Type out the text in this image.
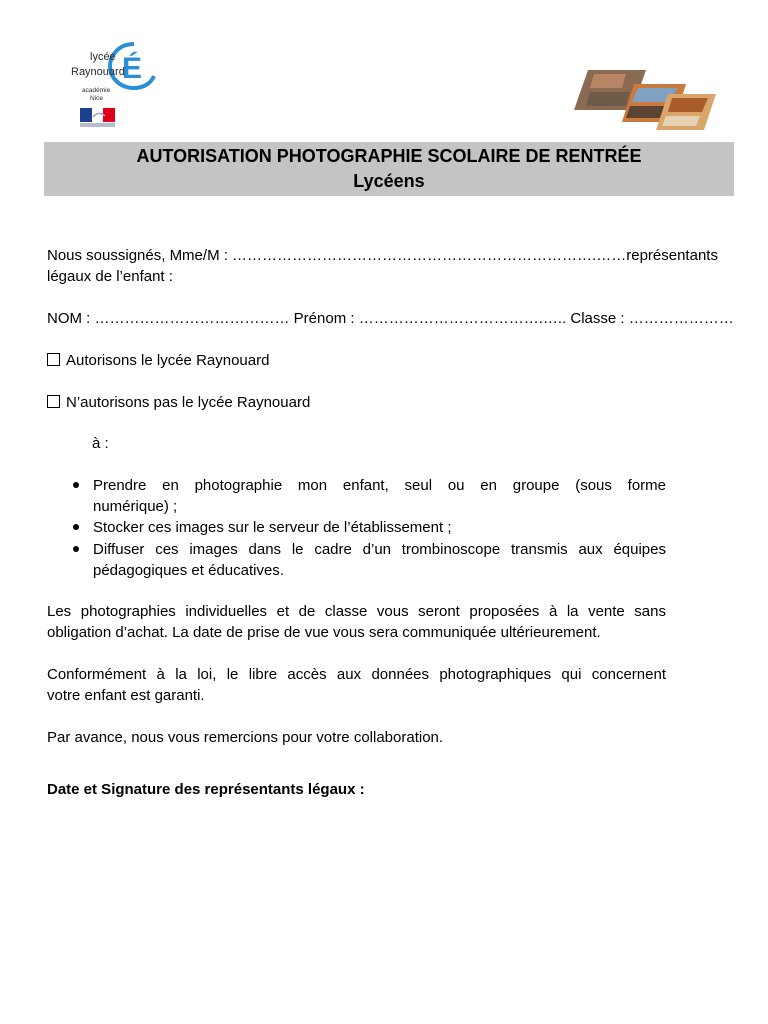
É
lycée
Raynouard
académie
Nice
AUTORISATION PHOTOGRAPHIE SCOLAIRE DE RENTRÉE
Lycéens
Nous soussignés, Mme/M : ……………………………………………………………….……représentants
légaux de l’enfant :
NOM : ………………………………… Prénom : ……………………………….….. Classe : …………………
Autorisons le lycée Raynouard
N’autorisons pas le lycée Raynouard
à :
Prendre en photographie mon enfant, seul ou en groupe (sous forme
numérique) ;
Stocker ces images sur le serveur de l’établissement ;
Diffuser ces images dans le cadre d’un trombinoscope transmis aux équipes
pédagogiques et éducatives.
Les photographies individuelles et de classe vous seront proposées à la vente sans
obligation d’achat. La date de prise de vue vous sera communiquée ultérieurement.
Conformément à la loi, le libre accès aux données photographiques qui concernent
votre enfant est garanti.
Par avance, nous vous remercions pour votre collaboration.
Date et Signature des représentants légaux :
